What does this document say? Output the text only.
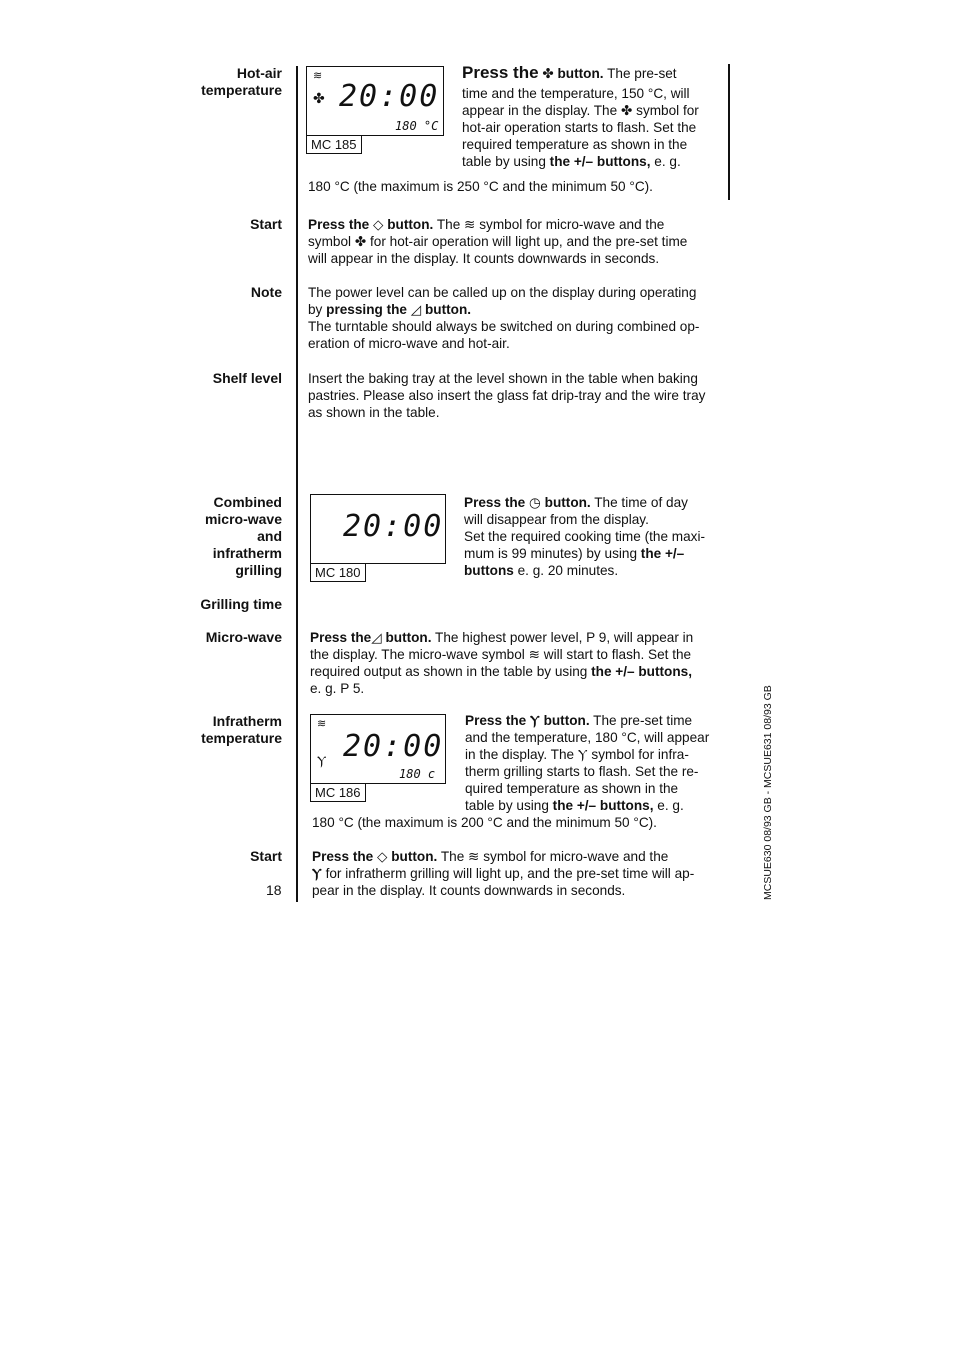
Hot-air
temperature
Start
Note
Shelf level
Combined
micro-wave
and
infratherm
grilling
Grilling time
Micro-wave
Infratherm
temperature
Start
≋
✤ 20:00
180 °C
MC 185
Press the ✤ button. The pre-set
time and the temperature, 150 °C, will
appear in the display. The ✤ symbol for
hot-air operation starts to flash. Set the
required temperature as shown in the
table by using the +/– buttons, e. g.
180 °C (the maximum is 250 °C and the minimum 50 °C).
Press the ◇ button. The ≋ symbol for micro-wave and the
symbol ✤ for hot-air operation will light up, and the pre-set time
will appear in the display. It counts downwards in seconds.
The power level can be called up on the display during operating
by pressing the ◿ button.
The turntable should always be switched on during combined op-
eration of micro-wave and hot-air.
Insert the baking tray at the level shown in the table when baking
pastries. Please also insert the glass fat drip-tray and the wire tray
as shown in the table.
20:00
MC 180
Press the ◷ button. The time of day
will disappear from the display.
Set the required cooking time (the maxi-
mum is 99 minutes) by using the +/–
buttons e. g. 20 minutes.
Press the◿ button. The highest power level, P 9, will appear in
the display. The micro-wave symbol ≋ will start to flash. Set the
required output as shown in the table by using the +/– buttons,
e. g. P 5.
≋
Ⲩ 20:00
180 c
MC 186
Press the Ⲩ button. The pre-set time
and the temperature, 180 °C, will appear
in the display. The Ⲩ symbol for infra-
therm grilling starts to flash. Set the re-
quired temperature as shown in the
table by using the +/– buttons, e. g.
180 °C (the maximum is 200 °C and the minimum 50 °C).
Press the ◇ button. The ≋ symbol for micro-wave and the
Ⲩ for infratherm grilling will light up, and the pre-set time will ap-
pear in the display. It counts downwards in seconds.
18	MCSUE630 08/93 GB - MCSUE631 08/93 GB
